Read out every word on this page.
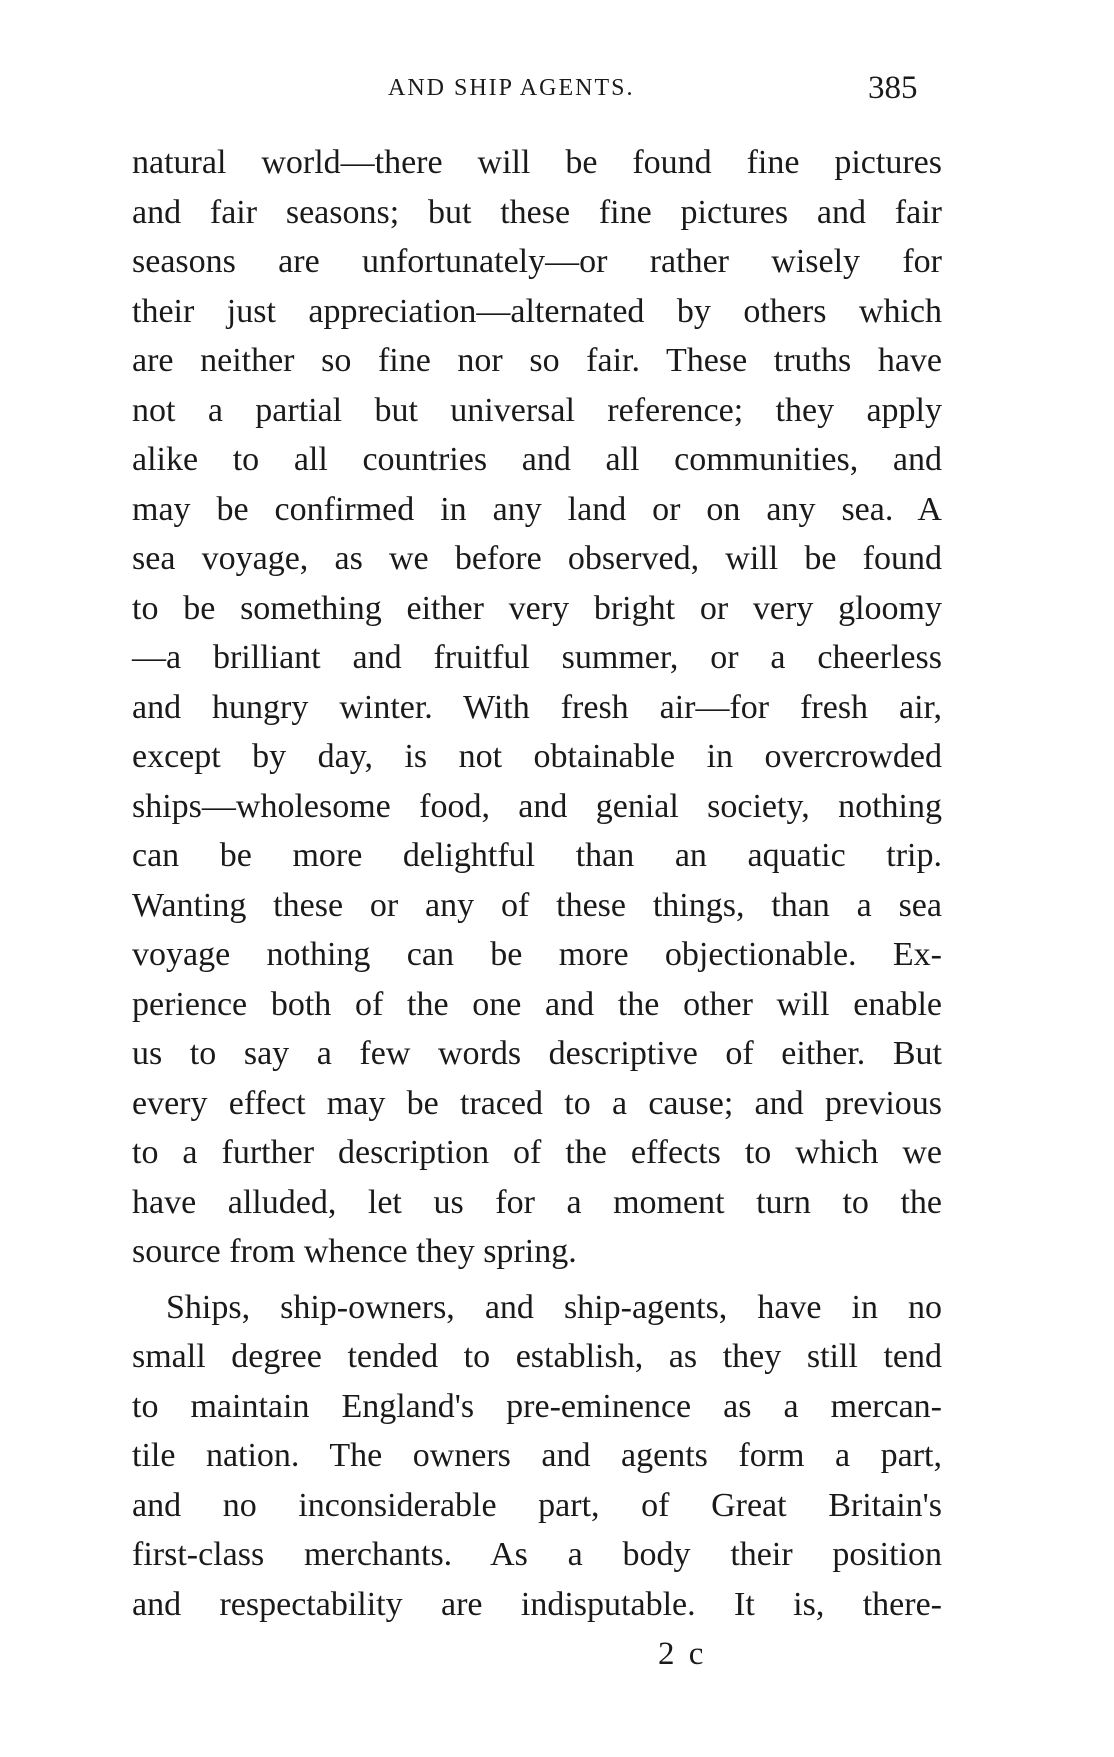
AND SHIP AGENTS.	385
natural world—there will be found fine pictures
and fair seasons; but these fine pictures and fair
seasons are unfortunately—or rather wisely for
their just appreciation—alternated by others which
are neither so fine nor so fair. These truths have
not a partial but universal reference; they apply
alike to all countries and all communities, and
may be confirmed in any land or on any sea. A
sea voyage, as we before observed, will be found
to be something either very bright or very gloomy
—a brilliant and fruitful summer, or a cheerless
and hungry winter. With fresh air—for fresh air,
except by day, is not obtainable in overcrowded
ships—wholesome food, and genial society, nothing
can be more delightful than an aquatic trip.
Wanting these or any of these things, than a sea
voyage nothing can be more objectionable. Ex-
perience both of the one and the other will enable
us to say a few words descriptive of either. But
every effect may be traced to a cause; and previous
to a further description of the effects to which we
have alluded, let us for a moment turn to the
source from whence they spring.
Ships, ship-owners, and ship-agents, have in no
small degree tended to establish, as they still tend
to maintain England's pre-eminence as a mercan-
tile nation. The owners and agents form a part,
and no inconsiderable part, of Great Britain's
first-class merchants. As a body their position
and respectability are indisputable. It is, there-
2 c
